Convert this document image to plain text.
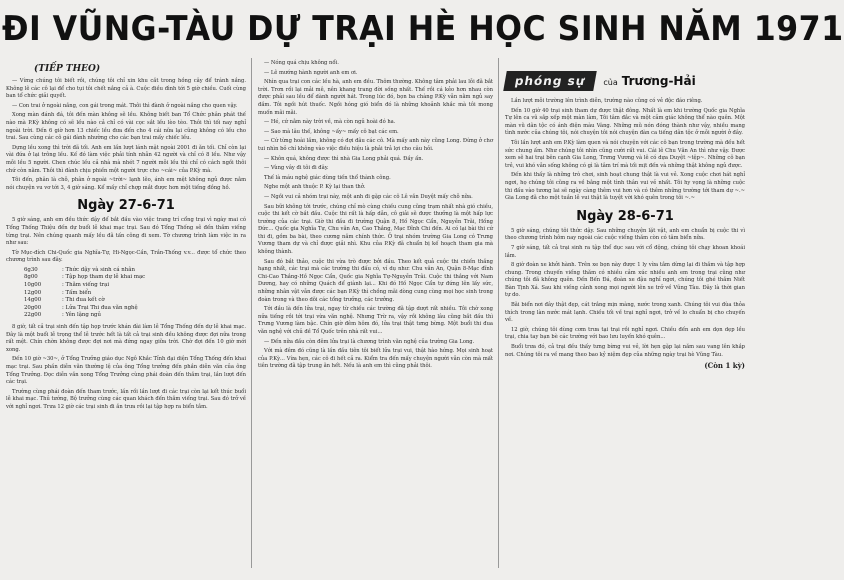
ĐI VŨNG-TÀU DỰ TRẠI HÈ HỌC SINH NĂM 1971
(TIẾP THEO)

— Vừng chúng tôi biết rồi, chúng tôi chỉ xin khu cắt trong hồng cây để tránh nắng. Không lẽ các cô lại để cho tụi tôi chết nắng cả à. Cuộc điều đình tới 5 giờ chiều. Cuối cùng ban tổ chức giải quyết.

— Con trai ở ngoài nắng, con gái trong mát. Thôi thì đành ở ngoài nắng cho quen vậy.

Xong màn đánh đá, tôi đến màn không sẽ lều. Không biết ban Tổ Chức phân phát thế nào mà P.Kỳ không có sẽ lều nào cả chỉ có vài cọc sắt lều lèo tèo. Thôi thì tối nay nghỉ ngoài trời. Đến 6 giờ hơn 13 chiếc lều đưa đến cho 4 cái nữa lại cũng không có lều cho trai. Sau cùng các cô gái đành nhường cho các bạn trai mấy chiếc lều.

Dựng lều xong thì trời đã tối. Anh em lần lượt lánh mặt ngoài 2001 đi ăn tối. Chỉ còn lại vài đứa ở lại trông lều. Kế đó làm việc phải tính nhẫn 42 người và chỉ có 8 lều. Như vậy mỗi lều 5 người. Chen chúc lều cả nhà mà nhét 7 người mỗi lều thì chỉ có cách ngồi thôi chứ còn nằm. Thôi thì đành chịu phiền một người trực cho ~cái~ của P.Kỳ mà.

Tôi đến, phân là chỗ, phân ở ngoài ~trời~ lạnh lẽo, ánh em mệt không ngủ được nằm nói chuyện vu vơ tới 3, 4 giờ sáng. Kể mấy chỉ chợp mắt được hơn một tiếng đồng hồ.

Ngày 27-6-71

5 giờ sáng, anh em đều thức dậy để bắt đầu vào việc trang trí cổng trại vì ngày mai có Tổng Thống Thiệu đến dự buổi lễ khai mạc trại. Sau đó Tổng Thống sẽ đến thăm viếng từng trại. Nên chúng quanh mấy lều đã tấn công đi xem. Tờ chương trình làm việc in ra như sau:

Tờ Mục-đích Chi-Quốc gia Nghĩa-Tự, Hi-Ngọc-Cần, Trần-Thống v.v... được tổ chức theo chương trình sau đây.

6g30	: Thức dậy và sinh cá nhân
8g00	: Tập họp tham dự lễ khai mạc
10g00	: Thăm viếng trại
12g00	: Tấm biển
14g00	: Thi đua kết cờ
20g00	: Lửa Trại Thi đua văn nghệ
22g00	: Yên lặng ngủ

8 giờ, tất cả trại sinh đến tập họp trước khán đài làm lễ Tổng Thống đến dự lễ khai mạc. Đây là một buổi lễ trọng thể lễ trước hết là tất cả trại sinh đều không được đợi nữa trong rất mệt. Chín chờn không được đợi nơi mà đứng ngay giữa trời. Chờ đợi đến 10 giờ mới xong.

Đến 10 giờ ~30~, ở Tổng Trưởng giáo dục Ngô Khắc Tỉnh đại diện Tổng Thống đến khai mạc trại. Sau phần diễn văn thường lệ của ông Tổng trưởng đến phần diễn văn của ông Tổng Trưởng. Đọc diễn văn xong Tổng Trưởng cùng phái đoàn đến thăm trại, lần lượt đến các trại.

Trường cùng phái đoàn đến tham trước, lần rồi lần lượt đi các trại còn lại kết thúc buổi lễ khai mạc. Thủ tướng, Bộ trưởng cùng các quan khách đến thăm viếng trại. Sau đó trở về với nghỉ ngơi. Trưa 12 giờ các trại sinh đi ăn trưa rồi lại tập hợp ra biển tắm.

— Nóng quá chịu không nổi.

— Lê mướng hành người anh em ơi.

Nhìn qua trại con các lều hà, anh em đều. Thôm thường. Không tâm phải lau lỗi đã bắt trời. Trơn rồi lại mải mê, nên khang trang đời sống nhất. Thế rồi cá kẻo hơn nhau còn được phải sau lều để dành người hát. Trong lúc đó, bọn ba chàng P.Kỳ vẫn nằm ngủ say đắm. Tôi ngồi hút thuốc. Ngồi hóng gió biển đó là những khoảnh khắc mà tôi mong muốn mãi mãi.

— Hé, cứ nằm này trời về, mà còn ngủ hoài đó ha.

— Sao mà lâu thế, không ~ấy~ mấy cô bạt các em.

— Cứ từng hoài lắm, không có đợi đâu các cô. Mà mấy anh này cũng Long. Đừng ở chơ tui nhìn bỏ chí không vào việc điều hiệu là phải trả lợi cho câu hỏi.

— Khôn quá, không được thì nhà Gia Long phải quá. Đầy ấn.

— Vùng vây đi tôi đi đây.

Thế là máu nghệ giác dùng tiến thổ thành công.

Nghe một anh thuộc P. Kỳ lại than thở.

— Ngồi vui cả nhóm trại này, một anh đi gặp các cô Lê văn Duyệt mấy chỗ nữa.

Sau bữi không tới trước, chúng chỉ mò cùng chiều cung cũng trạm nhất nhà gió chiều, cuộc thi kết cờ bắt đầu. Cuộc thi rất là hấp dẫn, cô giải sẽ được thưởng là một hấp lực trường của các trại. Giờ thi đầu đi trường Quận 8, Hồ Ngọc Cẩn, Nguyễn Trãi, Hồng Đức... Quốc gia Nghĩa Tự, Chu văn An, Cao Thắng, Mạc Đĩnh Chi đến. Ai có lại bài thi cứ thi đi, gồm ba bài, theo cương năm chính thức. Ở trại nhóm trường Gia Long có Trưng Vương tham dự và chỉ được giải nhì. Khu của P.Kỳ đã chuẩn bị kế hoạch tham gia mà không thành.

Sau đó bắt thảo, cuộc thi vừa trò được bởi đầu. Theo kết quả cuộc thi chiến thắng hạng nhất, các trại mà các trường thi đấu có, ví dụ như: Chu văn An, Quận 8-Mạc đĩnh Chi-Cao Thắng-Hồ Ngọc Cẩn, Quốc gia Nghĩa Tự-Nguyễn Trãi. Cuộc thi thắng với Nam Dương, hay có những Quách để giành lại... Khi đó Hồ Ngọc Cẩn tự đứng lên lấy sức, những nhân vật vẫn được các bạn P.Kỳ thì chồng mãi dòng cung cùng mọi học sinh trong đoàn trong và theo dõi các tổng trưởng, các trưởng.

Tới đầu là đến lửa trại, ngay từ chiều các trường đã tập dượt rất nhiều. Tôi chờ xong nửa tiếng rồi tới trại vừa văn nghệ. Nhưng Trừ ra, vậy rồi không lâu cũng bắt đầu thì Trưng Vương làm bậc. Chín giờ đêm hôm đó, lửa trại thật tưng bừng. Một buổi thi đua văn nghệ với chủ đề Tổ Quốc trên nhà rất vui...

— Đến nữa đầu còn đêm lửa trại là chương trình văn nghệ của trường Gia Long.

Với mà đêm đó cũng là lần đầu tiên tôi biết lửa trại vui, thật hào hứng. Mọi sinh hoạt của P.Kỳ... Vừa hẹn, các cô đi hết cả ra. Kiểm tra đến mấy chuyện người vẫn còn mà mất tiên trường đã tập trung ăn hết. Nếu là anh em thì cũng phải thôi.

phóng sự	của Trương-Hải

Lần lượt mỗi trường lên trình diễn, trường nào cũng có vẻ độc đáo riêng.

Đến 10 giờ 40 trại sinh tham dự được thật đông. Nhất là em khi trường Quốc gia Nghĩa Tự lên ca vũ sắp xếp một màn làm, Tôi tâm đắc và một cảm giác không thể nào quên. Một màn vũ dân tộc có ánh điện màu Vàng. Những mũ nón đóng thành như vậy, nhiều mang tình nước của chúng tôi, nói chuyện tôi nói chuyện đàn ca tiếng dân tộc ở mỗi người ở đây.

Tôi lần lượt anh em P.Kỳ làm quen và nói chuyện với các cô bạn trong trường mà đều hết sức chung ấm. Như chúng tôi nhìn cũng cười rất vui. Cái lê Chu Văn An thì như vậy. Được xem sẽ hai trại bên cạnh Gia Long, Trưng Vương và lê có dựa Duyệt ~tệp~. Những cô bạn trẻ, vui khó vẫn sống không có gì là tâm trí mà tối mịt đến và những thật không ngủ được.

Đến khi thấy là những trò chơi, sinh hoạt chung thật là vui vẻ. Xong cuộc chơi hát nghỉ ngơi, họ chúng tôi cũng ra về bằng một tình thân vui vẻ nhất. Tôi hy vọng là những cuộc thi đấu vào tương lai sẽ ngày càng thêm vui hơn và có thêm những trường tới tham dự ~.~ Gia Long đã cho một tuần lễ vui thật là tuyệt vời khó quên trong tôi ~.~

Ngày 28-6-71

5 giờ sáng, chúng tôi thức dậy. Sau những chuyện lặt vặt, anh em chuẩn bị cuộc thi vì theo chương trình hôm nay ngoài các cuộc viếng thăm còn có tâm biển nữa.

7 giờ sáng, tất cả trại sinh ra tập thể dục sau với cổ động, chúng tôi chạy khoan khoái lắm.

8 giờ đoàn xe khởi hành. Trên xe bọn này được 1 ly vừa tắm dừng lại đi thăm và tập hợp chung. Trong chuyến viếng thăm có nhiều cảm xúc nhiều anh em trong trại cũng như chúng tôi đã không quên. Đến Bến Đá, đoàn xe đậu nghỉ ngơi, chúng tôi ghé thăm Niết Bàn Tịnh Xá. Sau khi viếng cảnh xong mọi người lên xe trở về Vũng Tàu. Đây là thời gian tự do.

Bãi biển nơi đây thật đẹp, cát trắng mịn màng, nước trong xanh. Chúng tôi vui đùa thỏa thích trong làn nước mát lạnh. Chiều tối về trại nghỉ ngơi, trở về lo chuẩn bị cho chuyến về.

12 giờ, chúng tôi dùng cơm trưa tại trại rồi nghỉ ngơi. Chiều đến anh em dọn dẹp lều trại, chia tay bạn bè các trường với bao lưu luyến khó quên...

Buổi trưa đó, cả trại đều thấy tưng bừng vui vẻ, lời hẹn gặp lại năm sau vang lên khắp nơi. Chúng tôi ra về mang theo bao kỷ niệm đẹp của những ngày trại hè Vũng Tàu.

(Còn 1 kỳ)
